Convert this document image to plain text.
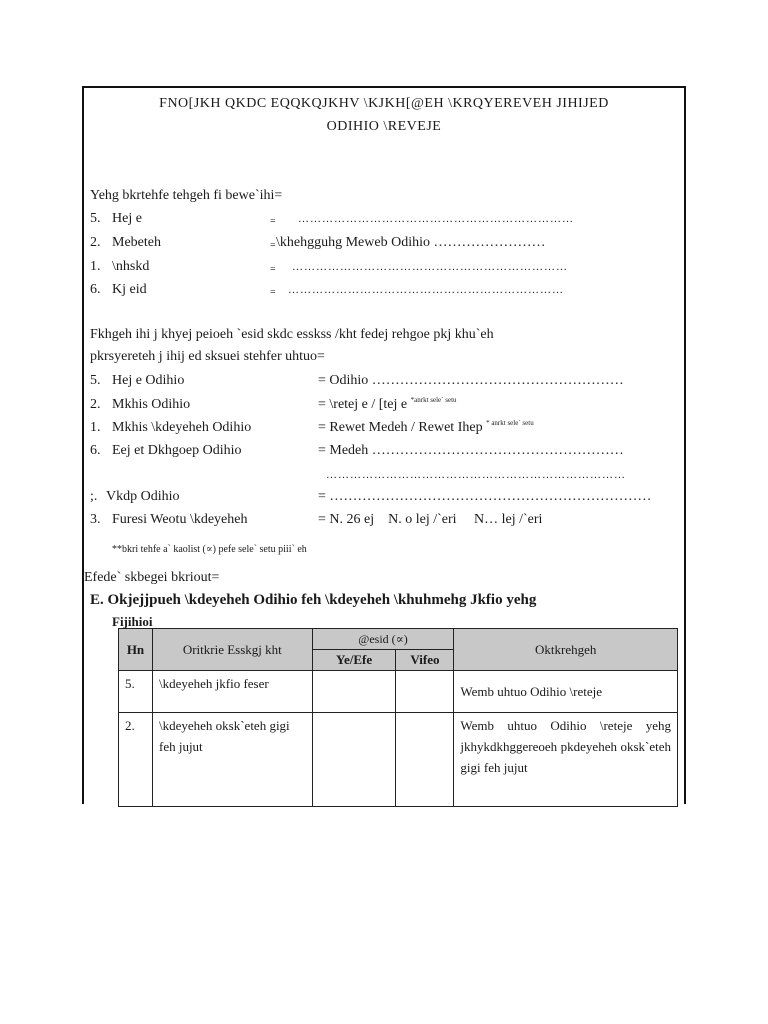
FNO[JKH QKDC EQQKQJKHV \KJKH[@EH \KRQYEREVEH JIHIJED
ODIHIO \REVEJE
Yehg bkrtehfe tehgeh fi bewe`ihi=
5. Hej e	= ……………………………………………………………
2. Mebeteh	= \khehgguhg Meweb Odihio ……………………
1. \nhskd	= ……………………………………………………………
6. Kj eid	= ……………………………………………………………
Fkhgeh ihi j khyej peioeh `esid skdc esskss /kht fedej rehgoe pkj khu`eh
pkrsyereteh j ihij ed sksuei stehfer uhtuo=
5. Hej e Odihio	= Odihio ………………………………………………
2. Mkhis Odihio	= \retej e / [tej e $^{*anrkt sele` setu}$
1. Mkhis \kdeyeheh Odihio	= Rewet Medeh / Rewet Ihep $^{* anrkt sele` setu}$
6. Eej et Dkhgoep Odihio	= Medeh ………………………………………………
…………………………………………………………………
;. Vkdp Odihio	= ……………………………………………………………
3. Furesi Weotu \kdeyeheh	= N. 26 ej    N. o lej /`eri     N… lej /`eri
**bkri tehfe a` kaolist (∝) pefe sele` setu piii` eh
Efede` skbegei bkriout=
E. Okjejjpueh \kdeyeheh Odihio feh \kdeyeheh \khuhmehg Jkfio yehg
Fijihioi
Hn	Oritkrie Esskgj kht	@esid (∝)		Oktkrehgeh
		Ye/Efe	Vifeo	
5.	\kdeyeheh jkfio feser			Wemb uhtuo Odihio \reteje
2.	\kdeyeheh oksk`eteh gigi feh jujut			Wemb uhtuo Odihio \reteje yehg jkhykdkhggereoeh pkdeyeheh oksk`eteh gigi feh jujut
